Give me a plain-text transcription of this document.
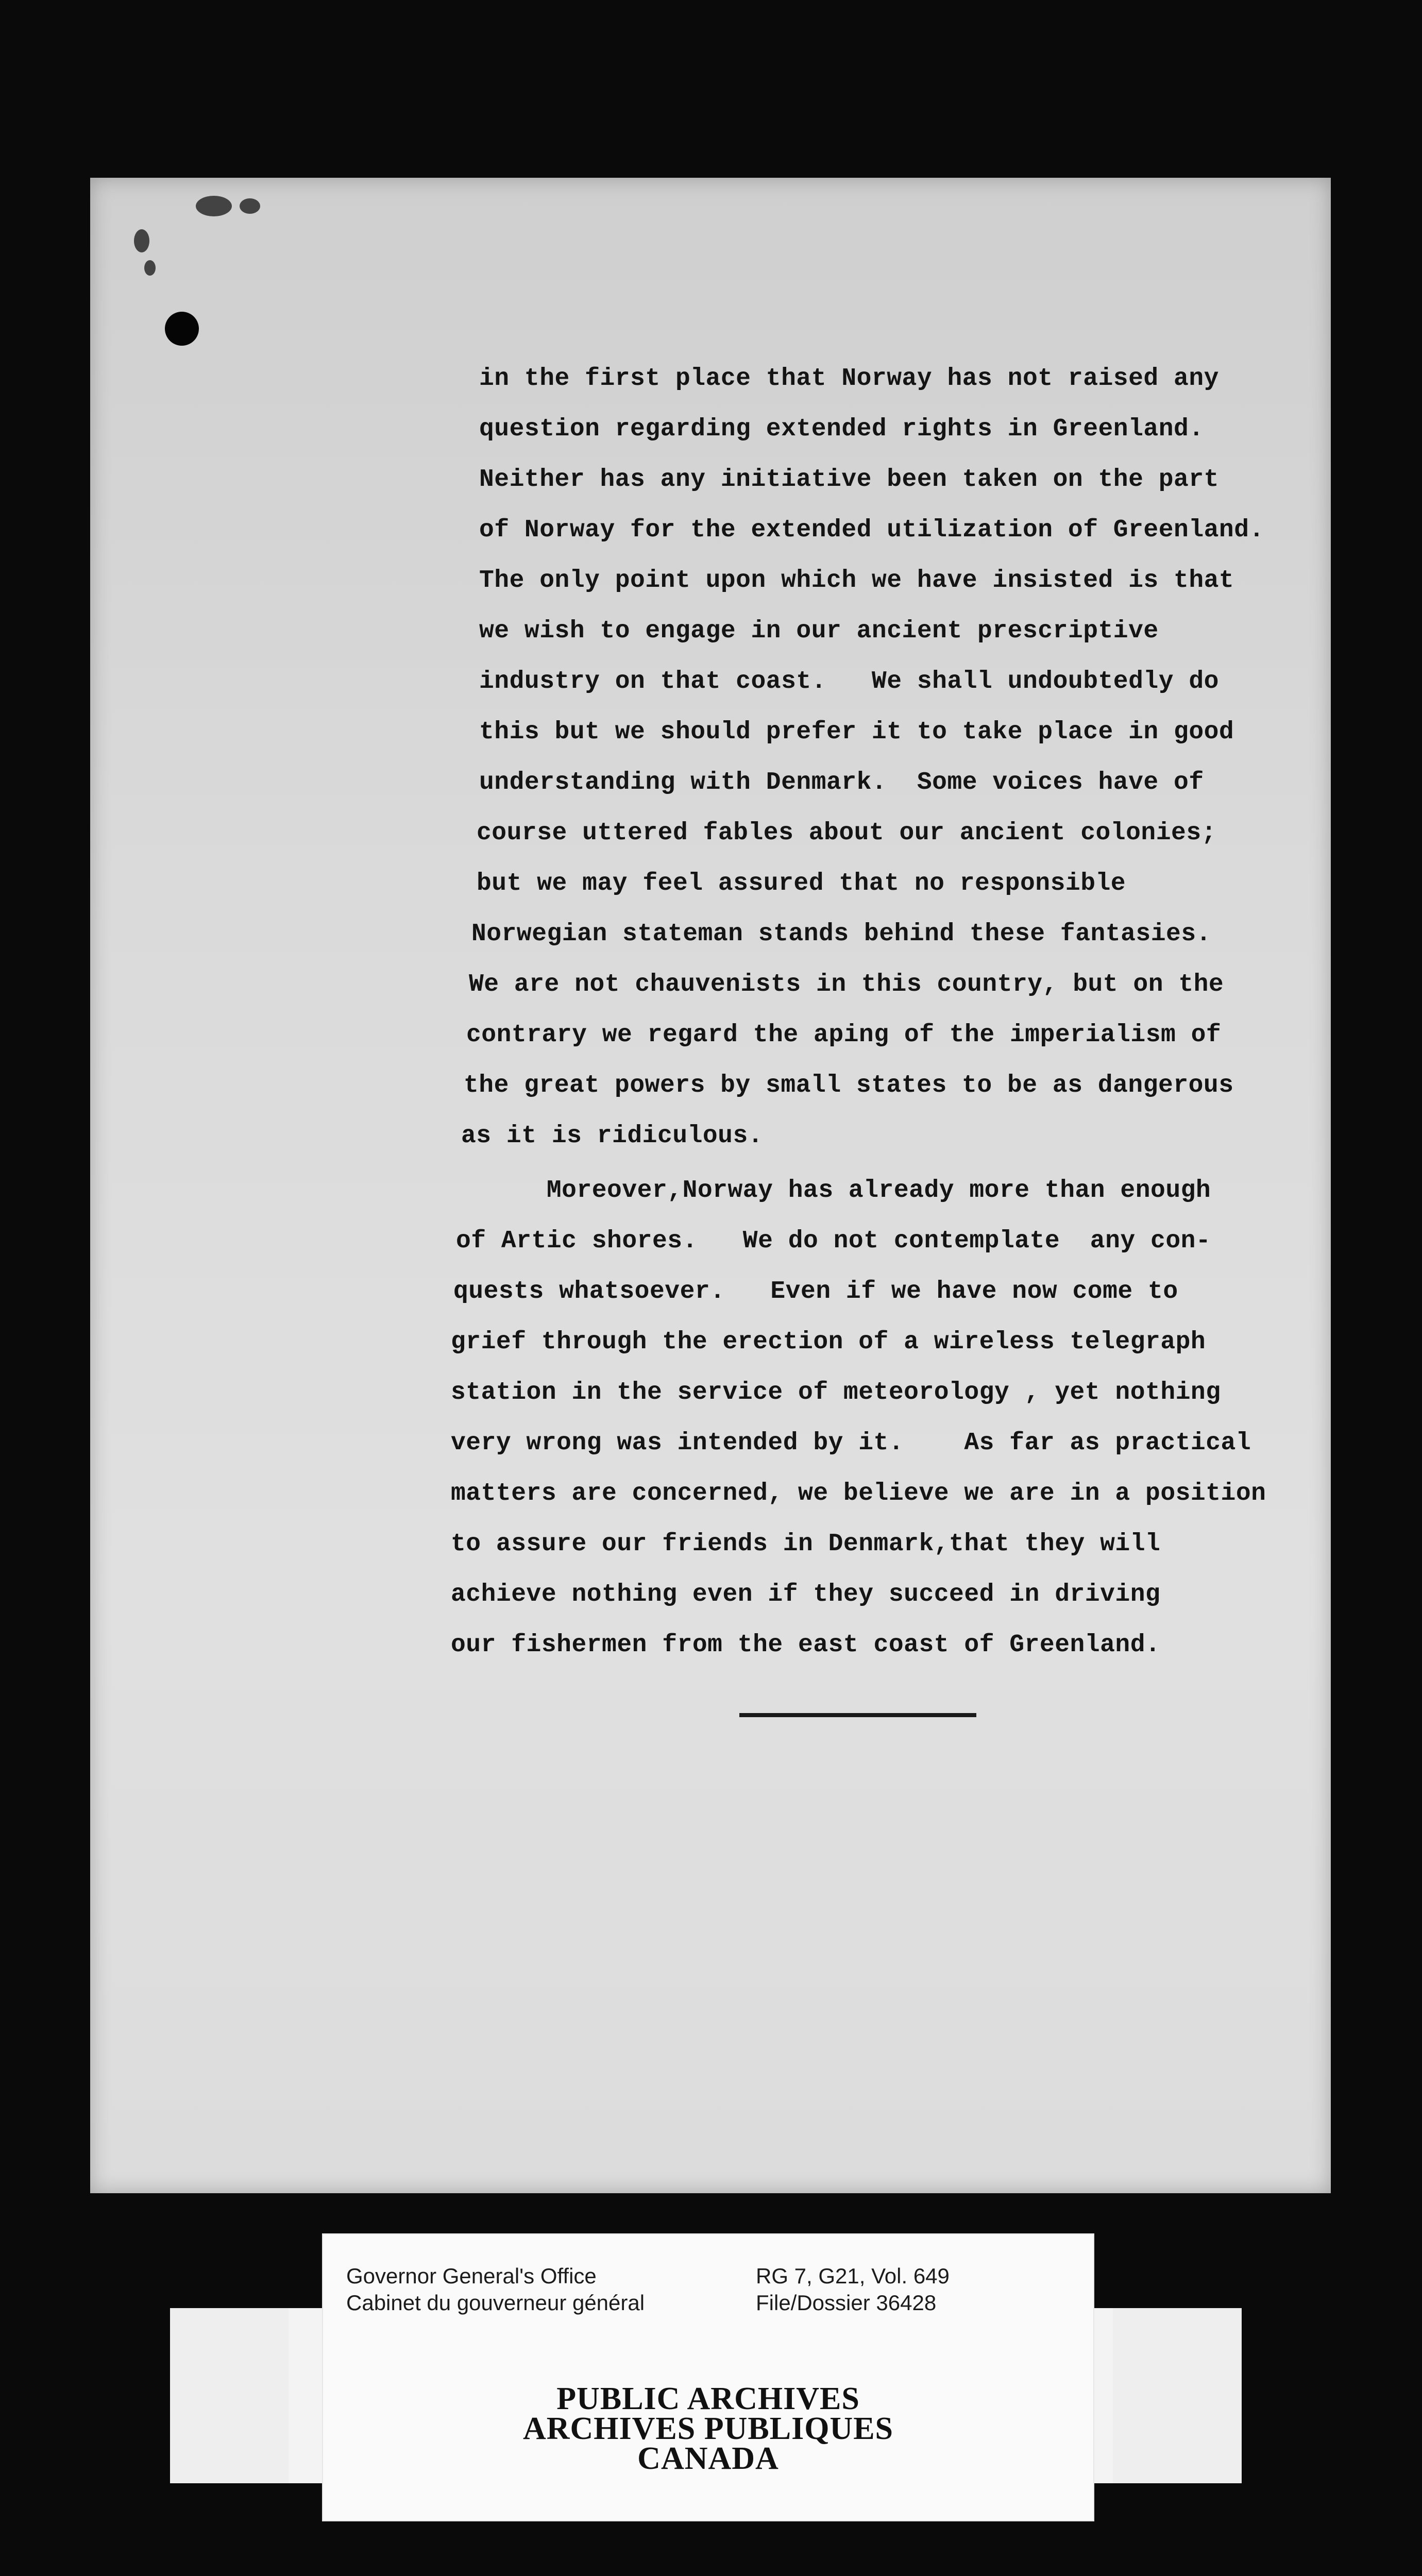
in the first place that Norway has not raised any
question regarding extended rights in Greenland.
Neither has any initiative been taken on the part
of Norway for the extended utilization of Greenland.
The only point upon which we have insisted is that
we wish to engage in our ancient prescriptive
industry on that coast.   We shall undoubtedly do
this but we should prefer it to take place in good
understanding with Denmark.  Some voices have of
course uttered fables about our ancient colonies;
but we may feel assured that no responsible
Norwegian stateman stands behind these fantasies.
We are not chauvenists in this country, but on the
contrary we regard the aping of the imperialism of
the great powers by small states to be as dangerous
as it is ridiculous.
Moreover,Norway has already more than enough
of Artic shores.   We do not contemplate  any con-
quests whatsoever.   Even if we have now come to
grief through the erection of a wireless telegraph
station in the service of meteorology , yet nothing
very wrong was intended by it.    As far as practical
matters are concerned, we believe we are in a position
to assure our friends in Denmark,that they will
achieve nothing even if they succeed in driving
our fishermen from the east coast of Greenland.
Governor General's Office
Cabinet du gouverneur général
RG 7, G21, Vol. 649
File/Dossier 36428
PUBLIC ARCHIVES
ARCHIVES PUBLIQUES
CANADA
